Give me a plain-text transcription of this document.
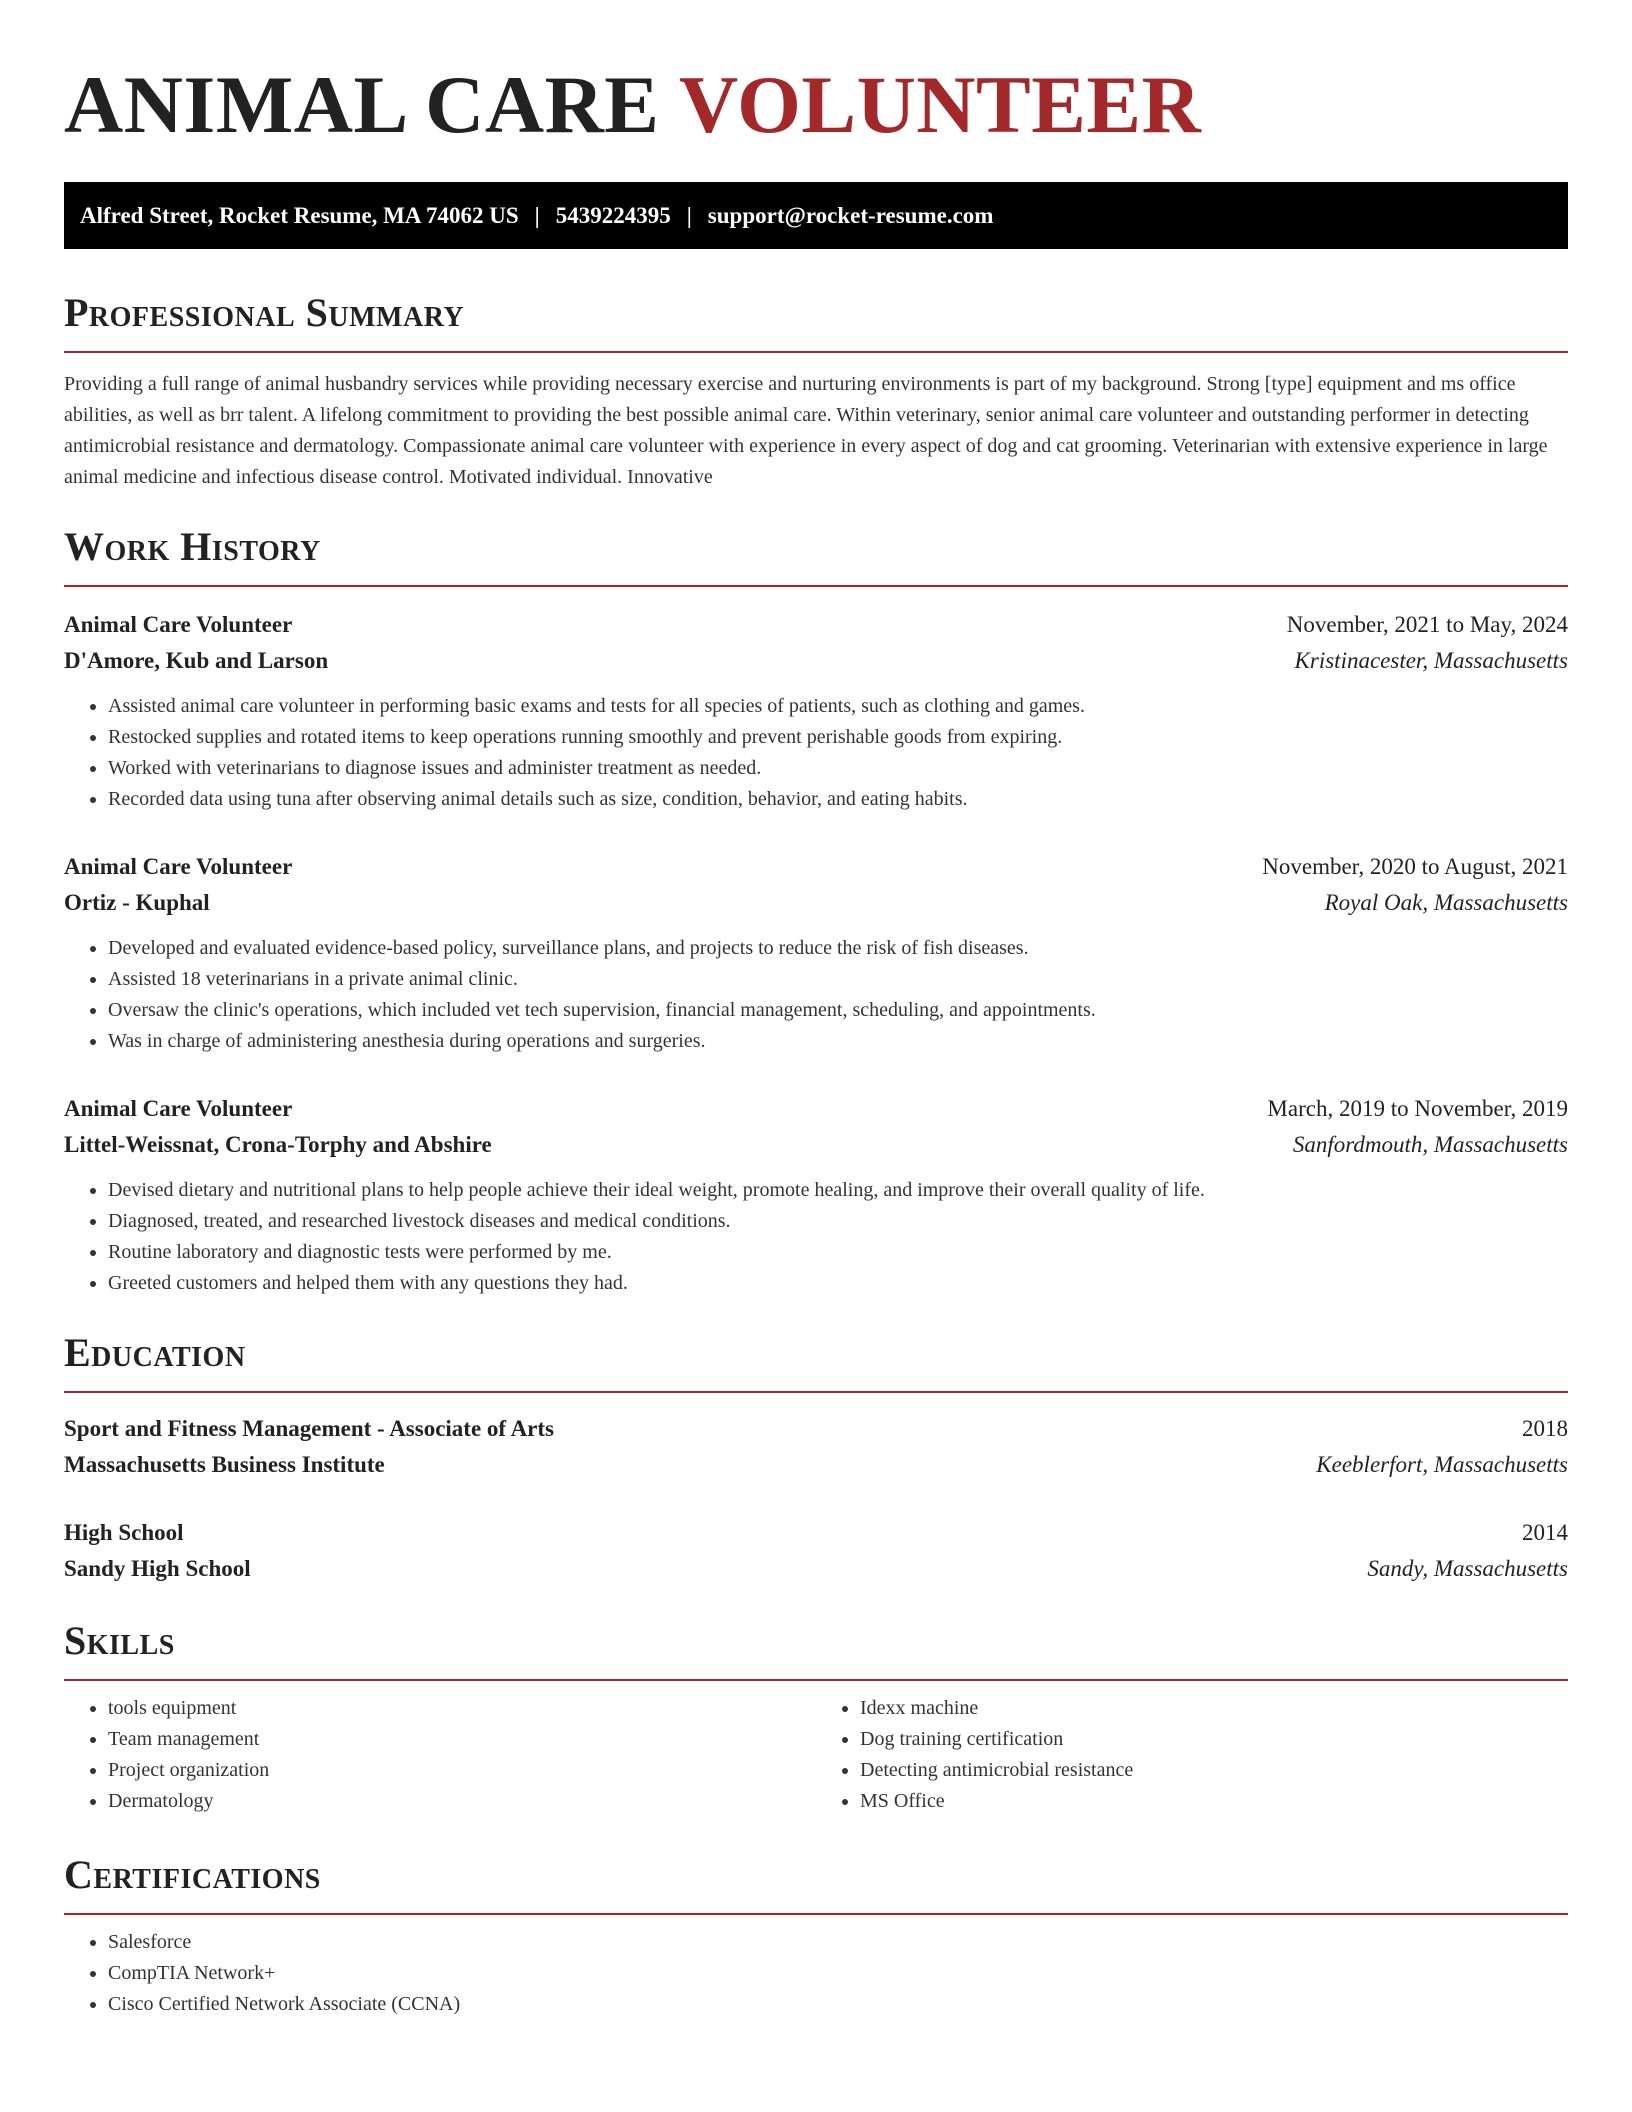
ANIMAL CARE VOLUNTEER
Alfred Street, Rocket Resume, MA 74062 US | 5439224395 | support@rocket-resume.com
Professional Summary

Providing a full range of animal husbandry services while providing necessary exercise and nurturing environments is part of my background. Strong [type] equipment and ms office abilities, as well as brr talent. A lifelong commitment to providing the best possible animal care. Within veterinary, senior animal care volunteer and outstanding performer in detecting antimicrobial resistance and dermatology. Compassionate animal care volunteer with experience in every aspect of dog and cat grooming. Veterinarian with extensive experience in large animal medicine and infectious disease control. Motivated individual. Innovative

Work History
Animal Care Volunteer	November, 2021 to May, 2024
D'Amore, Kub and Larson	Kristinacester, Massachusetts
• Assisted animal care volunteer in performing basic exams and tests for all species of patients, such as clothing and games.
• Restocked supplies and rotated items to keep operations running smoothly and prevent perishable goods from expiring.
• Worked with veterinarians to diagnose issues and administer treatment as needed.
• Recorded data using tuna after observing animal details such as size, condition, behavior, and eating habits.
Animal Care Volunteer	November, 2020 to August, 2021
Ortiz - Kuphal	Royal Oak, Massachusetts
• Developed and evaluated evidence-based policy, surveillance plans, and projects to reduce the risk of fish diseases.
• Assisted 18 veterinarians in a private animal clinic.
• Oversaw the clinic's operations, which included vet tech supervision, financial management, scheduling, and appointments.
• Was in charge of administering anesthesia during operations and surgeries.
Animal Care Volunteer	March, 2019 to November, 2019
Littel-Weissnat, Crona-Torphy and Abshire	Sanfordmouth, Massachusetts
• Devised dietary and nutritional plans to help people achieve their ideal weight, promote healing, and improve their overall quality of life.
• Diagnosed, treated, and researched livestock diseases and medical conditions.
• Routine laboratory and diagnostic tests were performed by me.
• Greeted customers and helped them with any questions they had.
Education
Sport and Fitness Management - Associate of Arts	2018
Massachusetts Business Institute	Keeblerfort, Massachusetts
High School	2014
Sandy High School	Sandy, Massachusetts
Skills
• tools equipment
• Team management
• Project organization
• Dermatology
• Idexx machine
• Dog training certification
• Detecting antimicrobial resistance
• MS Office
Certifications
• Salesforce
• CompTIA Network+
• Cisco Certified Network Associate (CCNA)
